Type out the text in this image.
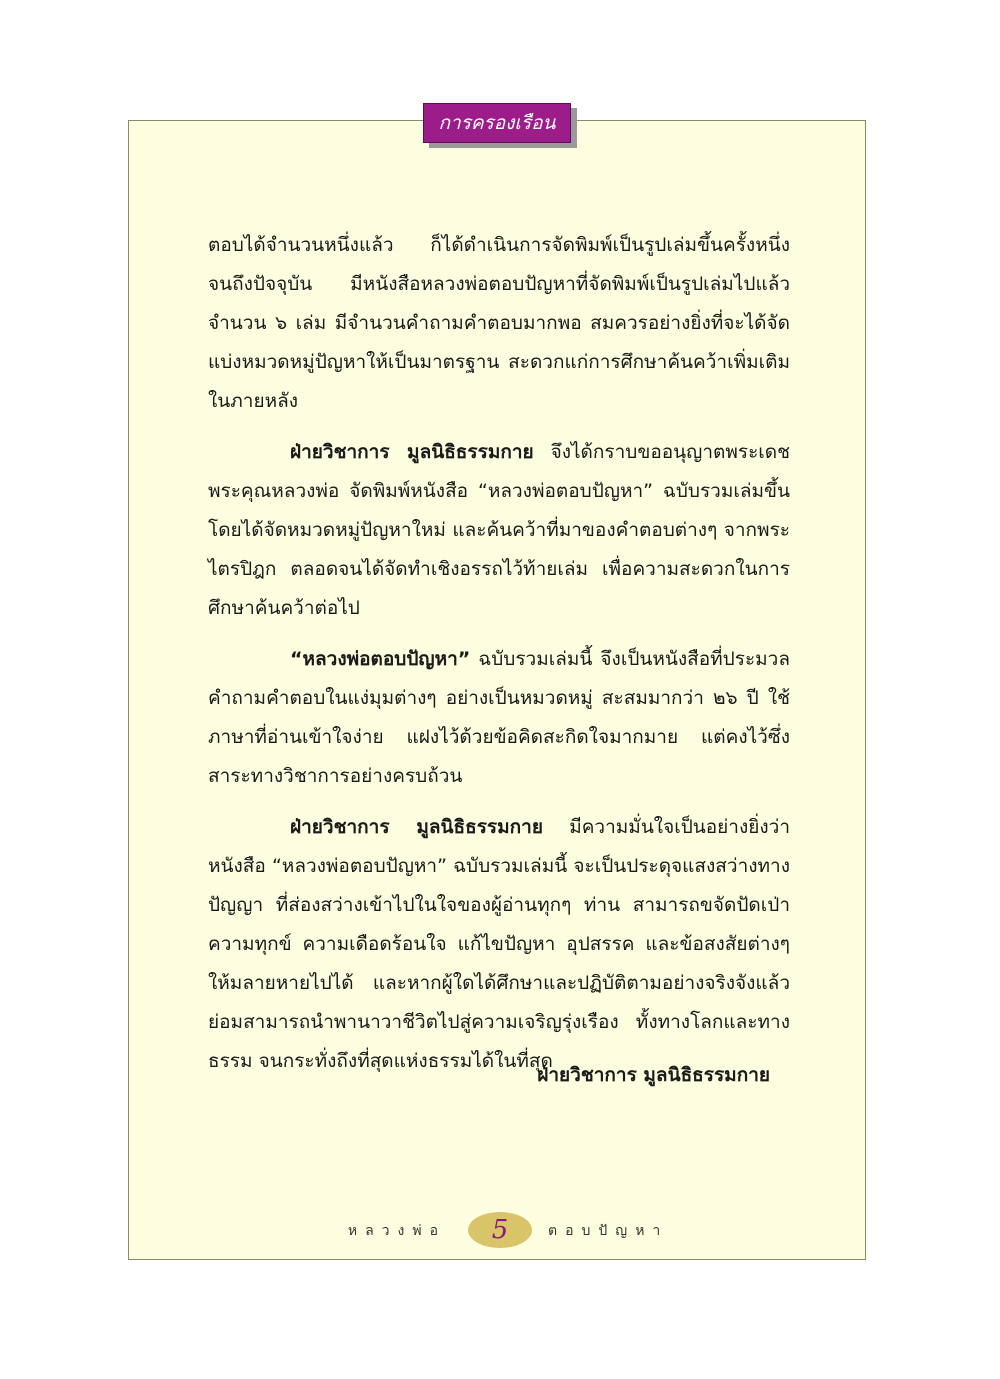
การครองเรือน

ตอบได้จำนวนหนึ่งแล้ว ก็ได้ดำเนินการจัดพิมพ์เป็นรูปเล่มขึ้นครั้งหนึ่ง จนถึงปัจจุบัน มีหนังสือหลวงพ่อตอบปัญหาที่จัดพิมพ์เป็นรูปเล่มไปแล้วจำนวน ๖ เล่ม มีจำนวนคำถามคำตอบมากพอ สมควรอย่างยิ่งที่จะได้จัดแบ่งหมวดหมู่ปัญหาให้เป็นมาตรฐาน สะดวกแก่การศึกษาค้นคว้าเพิ่มเติมในภายหลัง

ฝ่ายวิชาการ มูลนิธิธรรมกาย จึงได้กราบขออนุญาตพระเดชพระคุณหลวงพ่อ จัดพิมพ์หนังสือ “หลวงพ่อตอบปัญหา” ฉบับรวมเล่มขึ้นโดยได้จัดหมวดหมู่ปัญหาใหม่ และค้นคว้าที่มาของคำตอบต่างๆ จากพระไตรปิฎก ตลอดจนได้จัดทำเชิงอรรถไว้ท้ายเล่ม เพื่อความสะดวกในการศึกษาค้นคว้าต่อไป

“หลวงพ่อตอบปัญหา” ฉบับรวมเล่มนี้ จึงเป็นหนังสือที่ประมวลคำถามคำตอบในแง่มุมต่างๆ อย่างเป็นหมวดหมู่ สะสมมากว่า ๒๖ ปี ใช้ภาษาที่อ่านเข้าใจง่าย แฝงไว้ด้วยข้อคิดสะกิดใจมากมาย แต่คงไว้ซึ่งสาระทางวิชาการอย่างครบถ้วน

ฝ่ายวิชาการ มูลนิธิธรรมกาย มีความมั่นใจเป็นอย่างยิ่งว่าหนังสือ “หลวงพ่อตอบปัญหา” ฉบับรวมเล่มนี้ จะเป็นประดุจแสงสว่างทางปัญญา ที่ส่องสว่างเข้าไปในใจของผู้อ่านทุกๆ ท่าน สามารถขจัดปัดเป่าความทุกข์ ความเดือดร้อนใจ แก้ไขปัญหา อุปสรรค และข้อสงสัยต่างๆ ให้มลายหายไปได้ และหากผู้ใดได้ศึกษาและปฏิบัติตามอย่างจริงจังแล้ว ย่อมสามารถนำพานาวาชีวิตไปสู่ความเจริญรุ่งเรือง ทั้งทางโลกและทางธรรม จนกระทั่งถึงที่สุดแห่งธรรมได้ในที่สุด

ฝ่ายวิชาการ มูลนิธิธรรมกาย
หลวงพ่อ	5	ตอบปัญหา
